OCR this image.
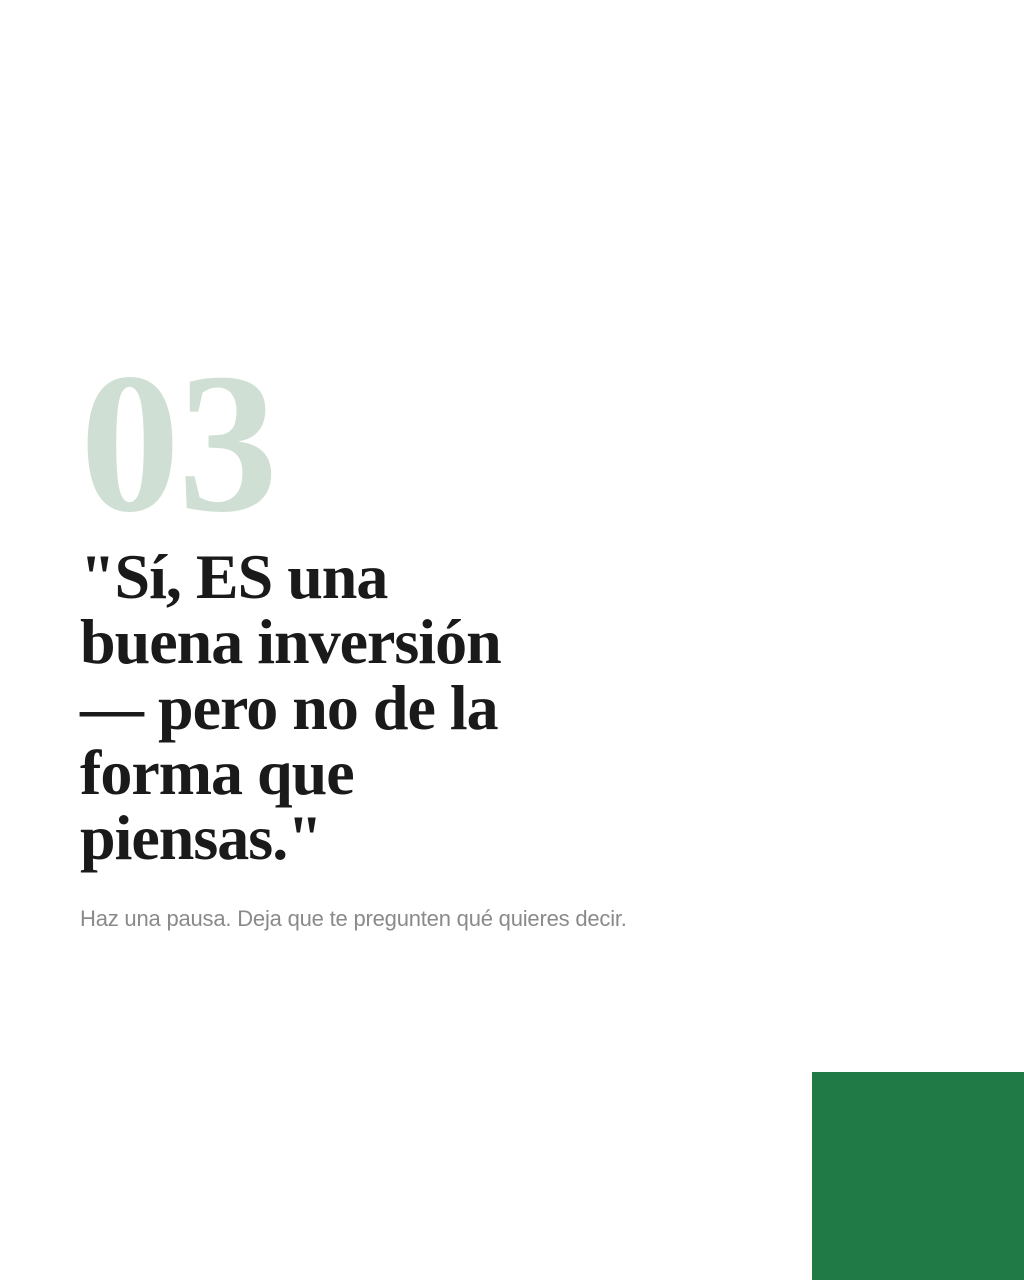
03
"Sí, ES una buena inversión — pero no de la forma que piensas."

Haz una pausa. Deja que te pregunten qué quieres decir.
